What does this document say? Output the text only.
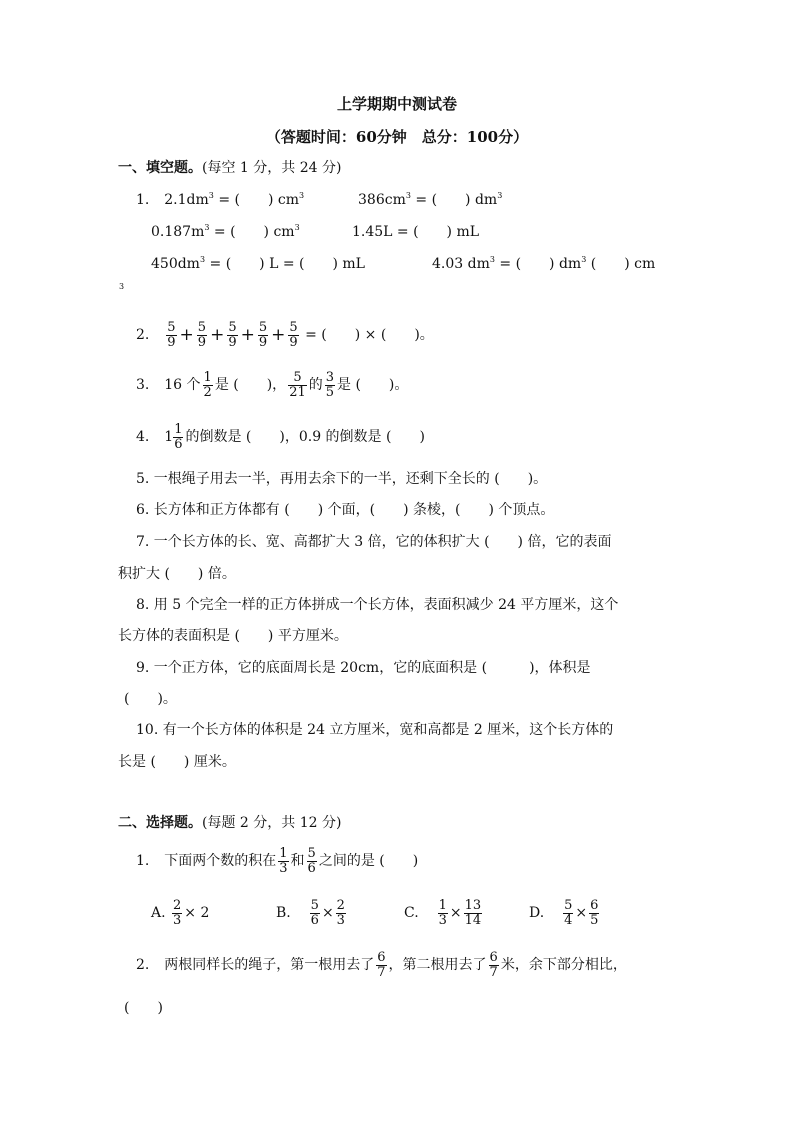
上学期期中测试卷
（答题时间：60分钟　总分：100分）
一、填空题。(每空 1 分，共 24 分)
1. $2.1dm^3$ = (　　) $cm^3$	$386cm^3$ = (　　) $dm^3$
$0.187m^3$ = (　　) $cm^3$	1.45L = (　　) mL
$450dm^3$ = (　　) L = (　　) mL	4.03 $dm^3$ = (　　) $dm^3$ (　　) cm
3
2. $\frac{5}{9} + \frac{5}{9} + \frac{5}{9} + \frac{5}{9} + \frac{5}{9}$ = (　　) × (　　)。
3. 16 个 $\frac{1}{2}$ 是 (　　)， $\frac{5}{21}$ 的 $\frac{3}{5}$ 是 (　　)。
4. $1 \frac{1}{6}$ 的倒数是 (　　)，0.9 的倒数是 (　　)
5. 一根绳子用去一半，再用去余下的一半，还剩下全长的 (　　)。
6. 长方体和正方体都有 (　　) 个面，(　　) 条棱，(　　) 个顶点。
7. 一个长方体的长、宽、高都扩大 3 倍，它的体积扩大 (　　) 倍，它的表面
积扩大 (　　) 倍。
8. 用 5 个完全一样的正方体拼成一个长方体，表面积减少 24 平方厘米，这个
长方体的表面积是 (　　) 平方厘米。
9. 一个正方体，它的底面周长是 20cm，它的底面积是 (　　　)，体积是
(　　)。
10. 有一个长方体的体积是 24 立方厘米，宽和高都是 2 厘米，这个长方体的
长是 (　　) 厘米。
二、选择题。(每题 2 分，共 12 分)
1. 下面两个数的积在 $\frac{1}{3}$ 和 $\frac{5}{6}$ 之间的是 (　　)
A. $\frac{2}{3} \times 2$	B. $\frac{5}{6} \times \frac{2}{3}$	C. $\frac{1}{3} \times \frac{13}{14}$	D. $\frac{5}{4} \times \frac{6}{5}$
2. 两根同样长的绳子，第一根用去了 $\frac{6}{7}$ ，第二根用去了 $\frac{6}{7}$ 米，余下部分相比，
(　　)
